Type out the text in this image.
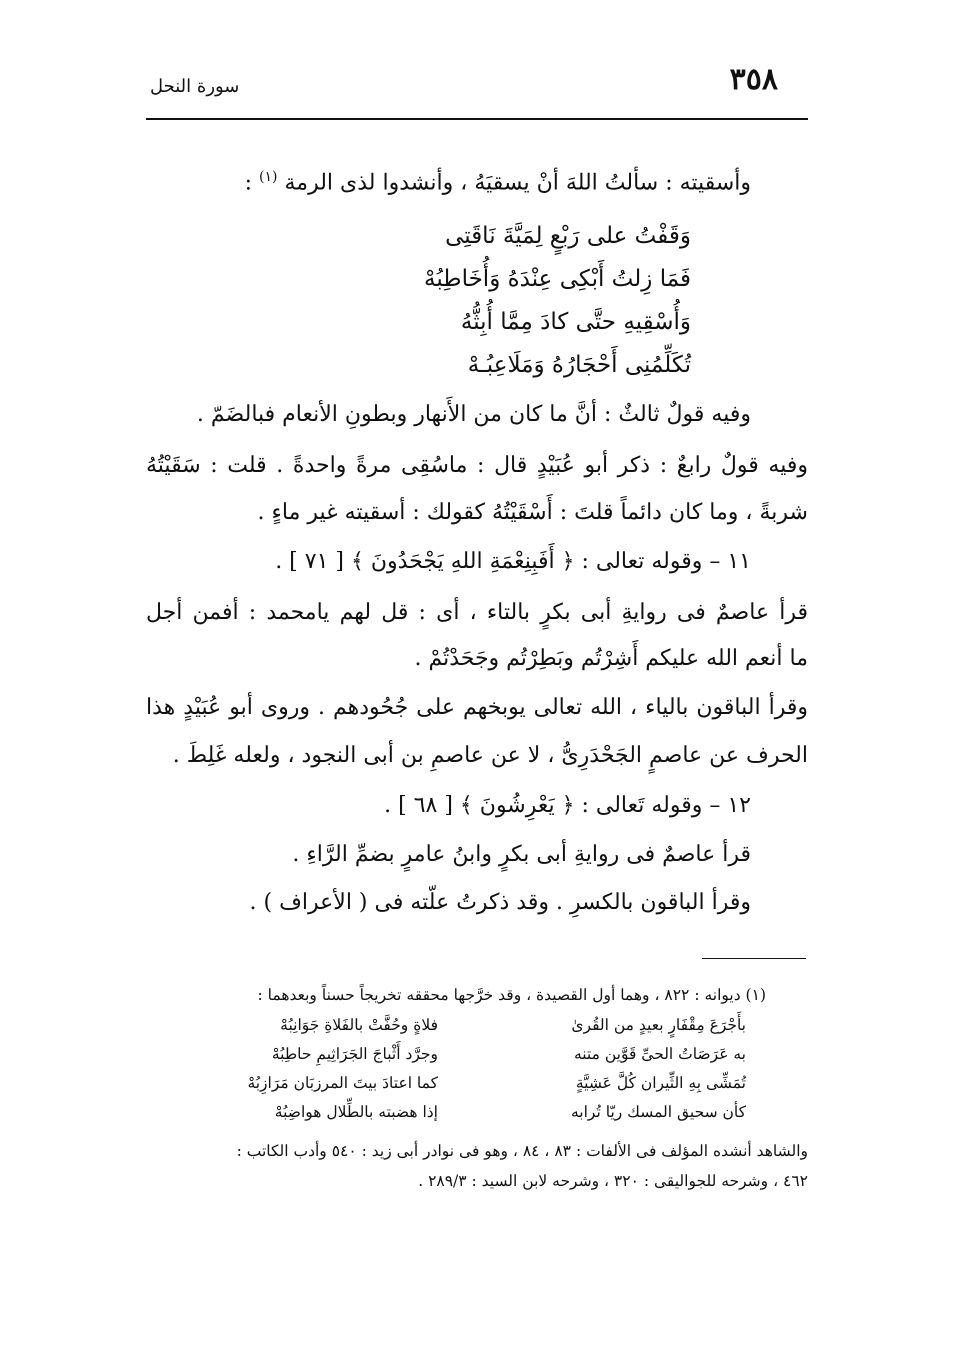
٣٥٨
سورة النحل
وأسقيته : سألتُ اللهَ أنْ يسقيَهُ ، وأنشدوا لذى الرمة $^{(١)}$ :
وَقَفْتُ على رَبْعٍ لِمَيَّةَ نَاقَتِى
فَمَا زِلتُ أَبْكِى عِنْدَهُ وَأُخَاطِبُهْ
وَأُسْقِيهِ حتَّى كادَ مِمَّا أُبِثُّهُ
تُكَلِّمُنِى أَحْجَارُهُ وَمَلَاعِبُـهْ
وفيه قولٌ ثالثٌ : أنَّ ما كان من الأَنهار وبطونِ الأنعام فبالضَمّ .
وفيه قولٌ رابعٌ : ذكر أبو عُبَيْدٍ قال : ماسُقِى مرةً واحدةً . قلت : سَقَيْتُهُ
شربةً ، وما كان دائماً قلتَ : أَسْقَيْتُهُ كقولك : أسقيته غير ماءٍ .
١١ – وقوله تعالى : ﴿ أَفَبِنِعْمَةِ اللهِ يَجْحَدُونَ ﴾ [ ٧١ ] .
قرأ عاصمٌ فى روايةِ أبى بكرٍ بالتاء ، أى : قل لهم يامحمد : أفمن أجل
ما أنعم الله عليكم أَشِرْتُم وبَطِرْتُم وجَحَدْتُمْ .
وقرأ الباقون بالياء ، الله تعالى يوبخهم على جُحُودهم . وروى أبو عُبَيْدٍ هذا
الحرف عن عاصمٍ الجَحْدَرِىُّ ، لا عن عاصمِ بن أبى النجود ، ولعله غَلِطَ .
١٢ – وقوله تَعالى : ﴿ يَعْرِشُونَ ﴾ [ ٦٨ ] .
قرأ عاصمٌ فى روايةِ أبى بكرٍ وابنُ عامرٍ بضمِّ الرَّاءِ .
وقرأ الباقون بالكسرِ . وقد ذكرتُ علّته فى ( الأعراف ) .
(١) ديوانه : ٨٢٢ ، وهما أول القصيدة ، وقد خرَّجها محققه تخريجاً حسناً وبعدهما :
بأَجْرَعَ مِقْفَارٍ بعيدٍ من القُرىٰ
فلاةٍ وحُفَّتْ بالفَلاةِ جَوَانِبُهْ
به عَرَصَاتُ الحىِّ قَوَّين متنه
وجرَّد أَثْباجَ الجَرَاثِيمِ حاطِبُهْ
تُمَشِّى بِهِ الثِّيران كُلَّ عَشِيَّةٍ
كما اعتادَ بيتَ المرزبَان مَرَازِبُهْ
كأن سحيق المسك ريّا تُرابه
إذا هضبته بالطِّلال هواضِبُهْ
والشاهد أنشده المؤلف فى الألفات : ٨٣ ، ٨٤ ، وهو فى نوادر أبى زيد : ٥٤٠ وأدب الكاتب :
٤٦٢ ، وشرحه للجواليقى : ٣٢٠ ، وشرحه لابن السيد : ٢٨٩/٣ .
